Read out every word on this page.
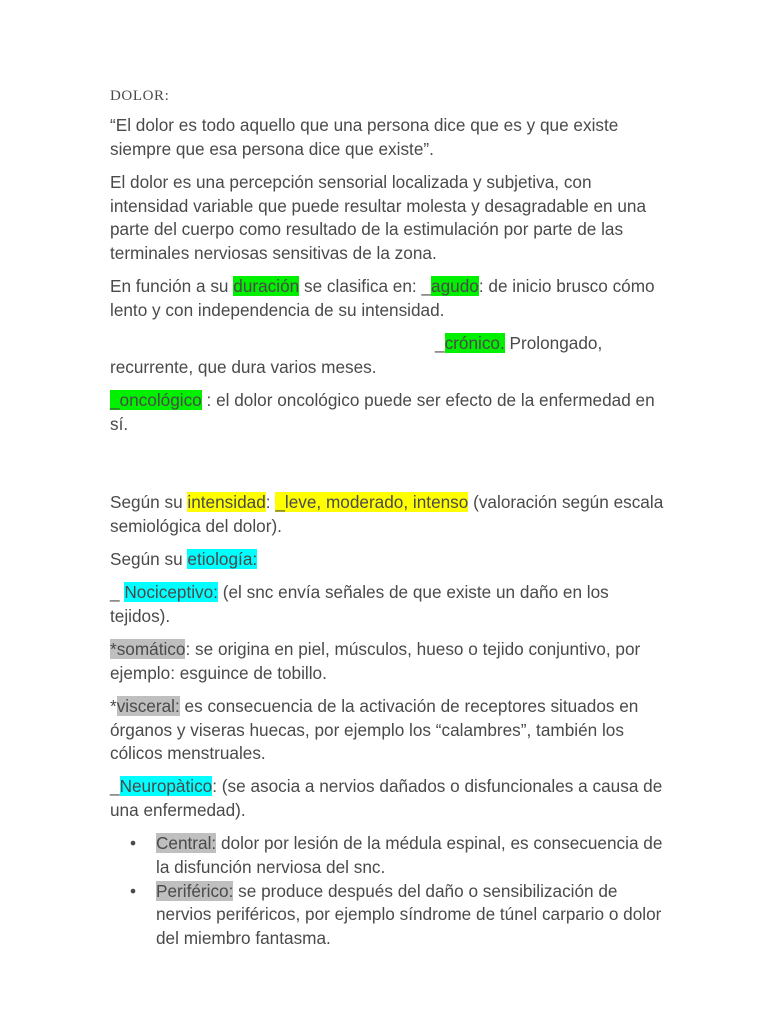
DOLOR:

“El dolor es todo aquello que una persona dice que es y que existe siempre que esa persona dice que existe”.

El dolor es una percepción sensorial localizada y subjetiva, con intensidad variable que puede resultar molesta y desagradable en una parte del cuerpo como resultado de la estimulación por parte de las terminales nerviosas sensitivas de la zona.

En función a su duración se clasifica en: _agudo: de inicio brusco cómo lento y con independencia de su intensidad.

_crónico. Prolongado, recurrente, que dura varios meses.

_oncológico : el dolor oncológico puede ser efecto de la enfermedad en sí.

Según su intensidad: _leve, moderado, intenso (valoración según escala semiológica del dolor).

Según su etiología:

_ Nociceptivo: (el snc envía señales de que existe un daño en los tejidos).

*somático: se origina en piel, músculos, hueso o tejido conjuntivo, por ejemplo: esguince de tobillo.

*visceral: es consecuencia de la activación de receptores situados en órganos y viseras huecas, por ejemplo los “calambres”, también los cólicos menstruales.

_Neuropàtico: (se asocia a nervios dañados o disfuncionales a causa de una enfermedad).

• Central: dolor por lesión de la médula espinal, es consecuencia de la disfunción nerviosa del snc.
• Periférico: se produce después del daño o sensibilización de nervios periféricos, por ejemplo síndrome de túnel carpario o dolor del miembro fantasma.
